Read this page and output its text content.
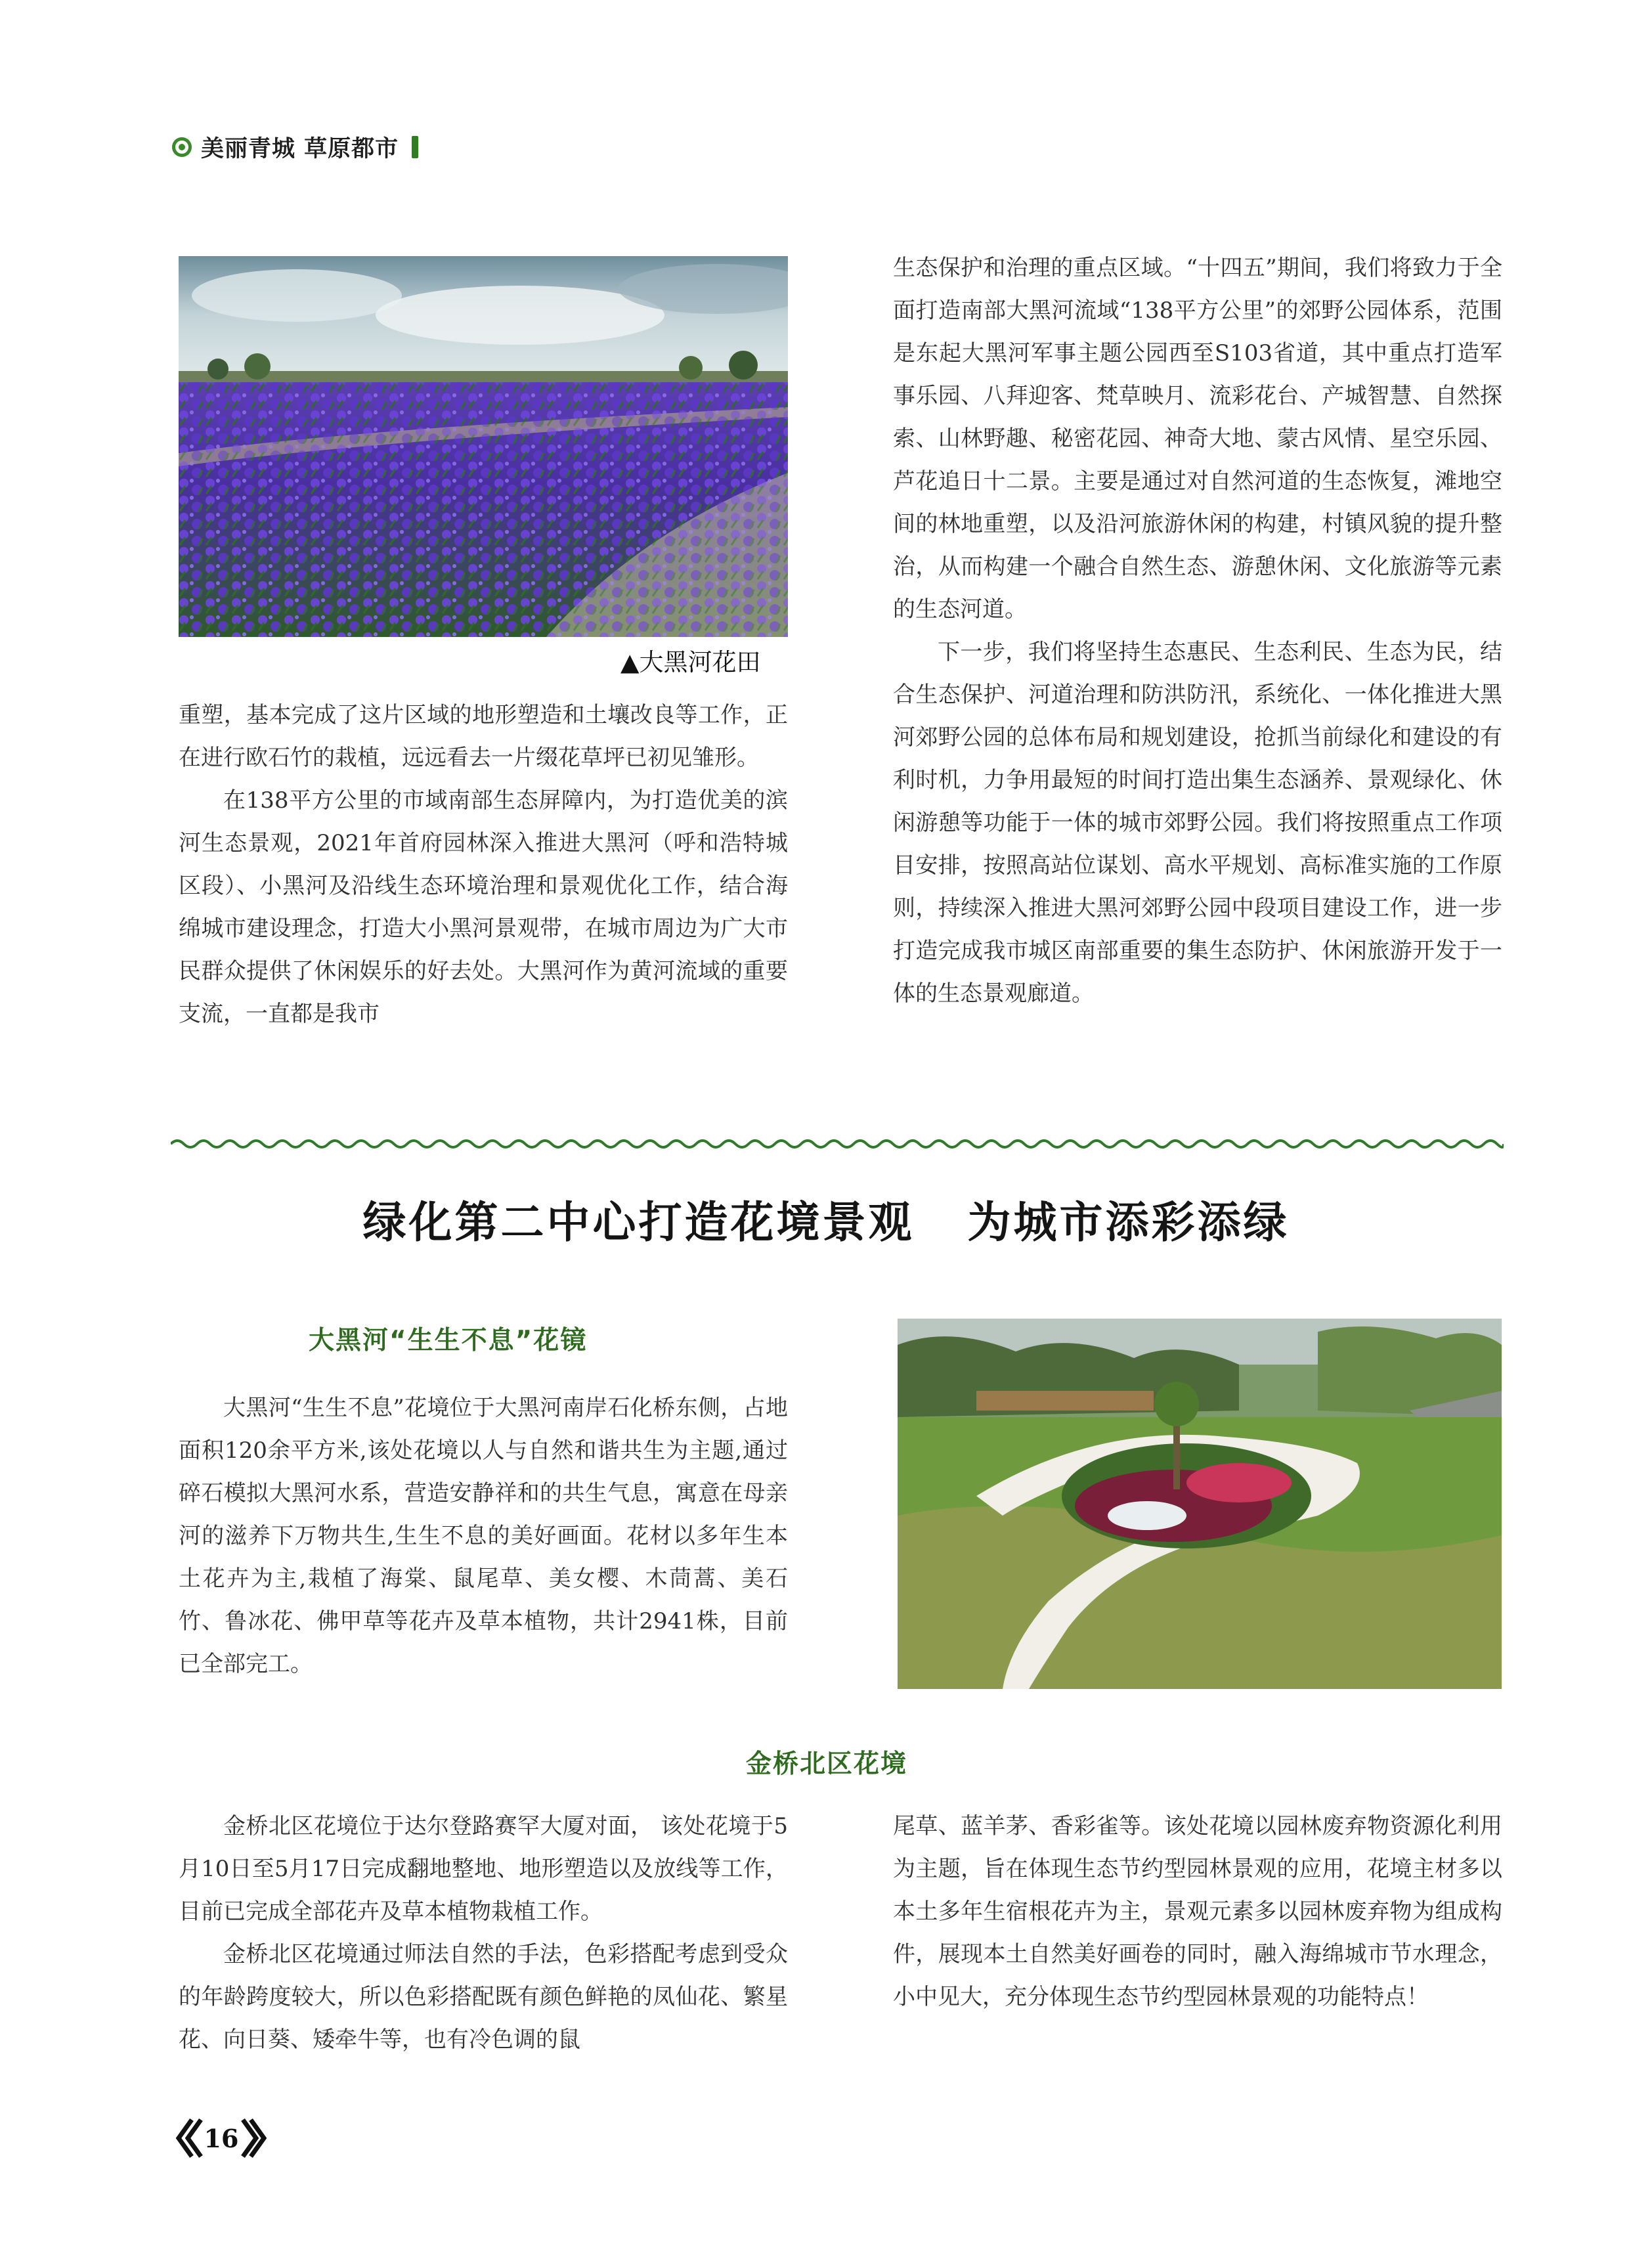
美丽青城 草原都市
▲大黑河花田

重塑，基本完成了这片区域的地形塑造和土壤改良等工作，正在进行欧石竹的栽植，远远看去一片缀花草坪已初见雏形。

在138平方公里的市域南部生态屏障内，为打造优美的滨河生态景观，2021年首府园林深入推进大黑河（呼和浩特城区段）、小黑河及沿线生态环境治理和景观优化工作，结合海绵城市建设理念，打造大小黑河景观带，在城市周边为广大市民群众提供了休闲娱乐的好去处。大黑河作为黄河流域的重要支流，一直都是我市

生态保护和治理的重点区域。“十四五”期间，我们将致力于全面打造南部大黑河流域“138平方公里”的郊野公园体系，范围是东起大黑河军事主题公园西至S103省道，其中重点打造军事乐园、八拜迎客、梵草映月、流彩花台、产城智慧、自然探索、山林野趣、秘密花园、神奇大地、蒙古风情、星空乐园、芦花追日十二景。主要是通过对自然河道的生态恢复，滩地空间的林地重塑，以及沿河旅游休闲的构建，村镇风貌的提升整治，从而构建一个融合自然生态、游憩休闲、文化旅游等元素的生态河道。

下一步，我们将坚持生态惠民、生态利民、生态为民，结合生态保护、河道治理和防洪防汛，系统化、一体化推进大黑河郊野公园的总体布局和规划建设，抢抓当前绿化和建设的有利时机，力争用最短的时间打造出集生态涵养、景观绿化、休闲游憩等功能于一体的城市郊野公园。我们将按照重点工作项目安排，按照高站位谋划、高水平规划、高标准实施的工作原则，持续深入推进大黑河郊野公园中段项目建设工作，进一步打造完成我市城区南部重要的集生态防护、休闲旅游开发于一体的生态景观廊道。

绿化第二中心打造花境景观   为城市添彩添绿
大黑河“生生不息”花镜

大黑河“生生不息”花境位于大黑河南岸石化桥东侧，占地面积120余平方米,该处花境以人与自然和谐共生为主题,通过碎石模拟大黑河水系，营造安静祥和的共生气息，寓意在母亲河的滋养下万物共生,生生不息的美好画面。花材以多年生本土花卉为主,栽植了海棠、鼠尾草、美女樱、木茼蒿、美石竹、鲁冰花、佛甲草等花卉及草本植物，共计2941株，目前已全部完工。

金桥北区花境

金桥北区花境位于达尔登路赛罕大厦对面， 该处花境于5月10日至5月17日完成翻地整地、地形塑造以及放线等工作，目前已完成全部花卉及草本植物栽植工作。

金桥北区花境通过师法自然的手法，色彩搭配考虑到受众的年龄跨度较大，所以色彩搭配既有颜色鲜艳的凤仙花、繁星花、向日葵、矮牵牛等，也有冷色调的鼠

尾草、蓝羊茅、香彩雀等。该处花境以园林废弃物资源化利用为主题，旨在体现生态节约型园林景观的应用，花境主材多以本土多年生宿根花卉为主，景观元素多以园林废弃物为组成构件，展现本土自然美好画卷的同时，融入海绵城市节水理念，小中见大，充分体现生态节约型园林景观的功能特点！

16
